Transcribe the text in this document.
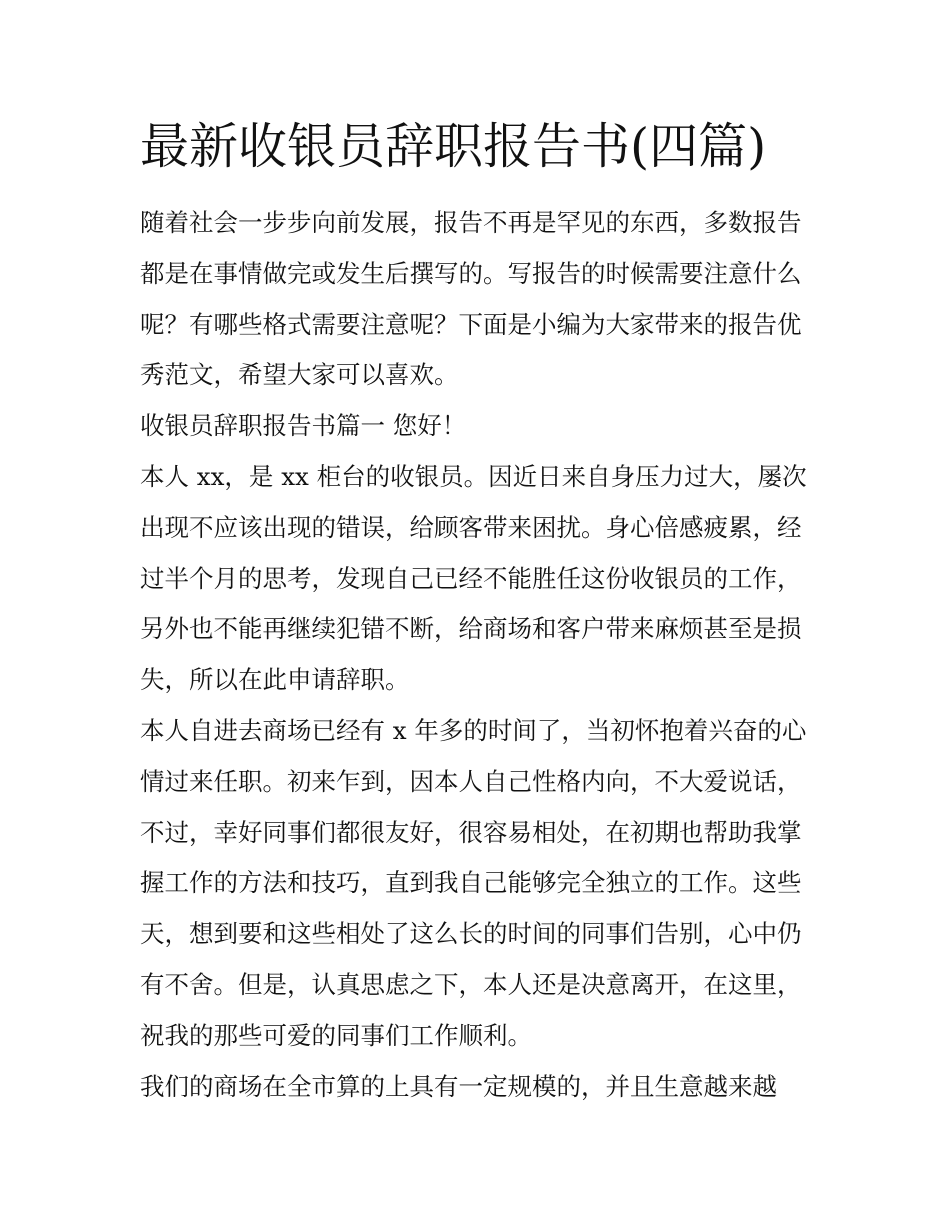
最新收银员辞职报告书(四篇)
随着社会一步步向前发展，报告不再是罕见的东西，多数报告
都是在事情做完或发生后撰写的。写报告的时候需要注意什么
呢？有哪些格式需要注意呢？下面是小编为大家带来的报告优
秀范文，希望大家可以喜欢。
收银员辞职报告书篇一 您好！
本人 xx，是 xx 柜台的收银员。因近日来自身压力过大，屡次
出现不应该出现的错误，给顾客带来困扰。身心倍感疲累，经
过半个月的思考，发现自己已经不能胜任这份收银员的工作，
另外也不能再继续犯错不断，给商场和客户带来麻烦甚至是损
失，所以在此申请辞职。
本人自进去商场已经有 x 年多的时间了，当初怀抱着兴奋的心
情过来任职。初来乍到，因本人自己性格内向，不大爱说话，
不过，幸好同事们都很友好，很容易相处，在初期也帮助我掌
握工作的方法和技巧，直到我自己能够完全独立的工作。这些
天，想到要和这些相处了这么长的时间的同事们告别，心中仍
有不舍。但是，认真思虑之下，本人还是决意离开，在这里，
祝我的那些可爱的同事们工作顺利。
我们的商场在全市算的上具有一定规模的，并且生意越来越
